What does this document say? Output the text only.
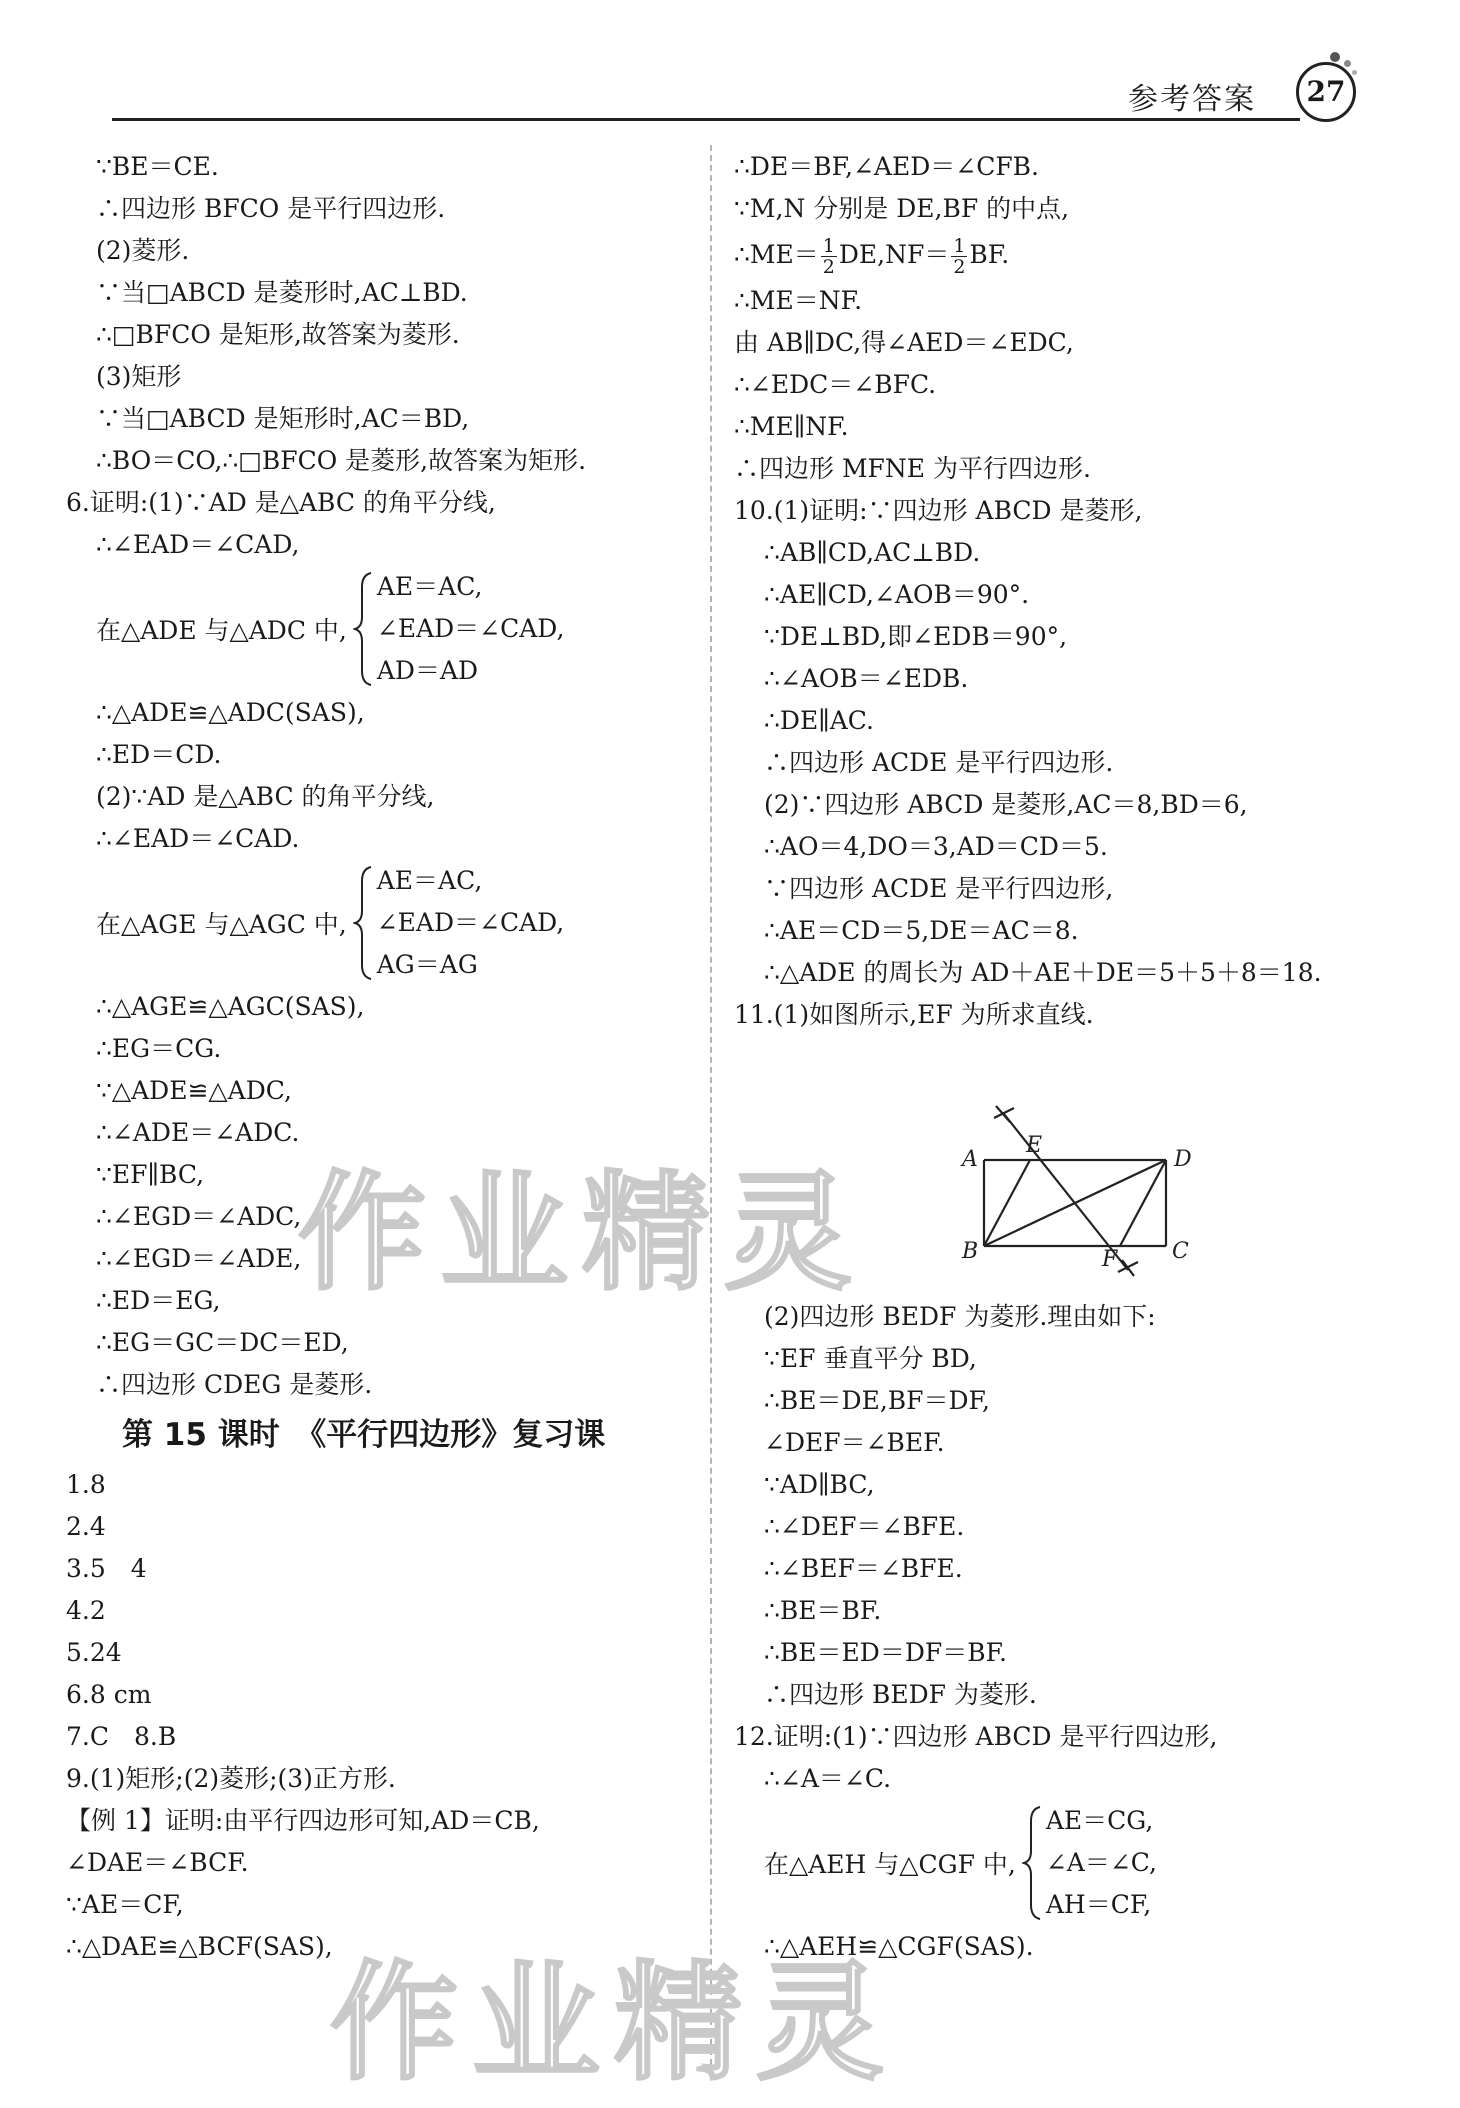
参考答案	27
∵BE＝CE.
∴四边形 BFCO 是平行四边形.
(2)菱形.
∵当□ABCD 是菱形时,AC⊥BD.
∴□BFCO 是矩形,故答案为菱形.
(3)矩形
∵当□ABCD 是矩形时,AC＝BD,
∴BO＝CO,∴□BFCO 是菱形,故答案为矩形.
6.证明:(1)∵AD 是△ABC 的角平分线,
∴∠EAD＝∠CAD,
在△ADE 与△ADC 中,
AE＝AC,
∠EAD＝∠CAD,
AD＝AD
∴△ADE≌△ADC(SAS),
∴ED＝CD.
(2)∵AD 是△ABC 的角平分线,
∴∠EAD＝∠CAD.
在△AGE 与△AGC 中,
AE＝AC,
∠EAD＝∠CAD,
AG＝AG
∴△AGE≌△AGC(SAS),
∴EG＝CG.
∵△ADE≌△ADC,
∴∠ADE＝∠ADC.
∵EF∥BC,
∴∠EGD＝∠ADC,
∴∠EGD＝∠ADE,
∴ED＝EG,
∴EG＝GC＝DC＝ED,
∴四边形 CDEG 是菱形.
第 15 课时　《平行四边形》复习课
1.8
2.4
3.5　4
4.2
5.24
6.8 cm
7.C　8.B
9.(1)矩形;(2)菱形;(3)正方形.
【例 1】证明:由平行四边形可知,AD＝CB,
∠DAE＝∠BCF.
∵AE＝CF,
∴△DAE≌△BCF(SAS),
∴DE＝BF,∠AED＝∠CFB.
∵M,N 分别是 DE,BF 的中点,
∴ME＝ $\frac{1}{2} DE,NF= \frac{1}{2}$ BF.
∴ME＝NF.
由 AB∥DC,得∠AED＝∠EDC,
∴∠EDC＝∠BFC.
∴ME∥NF.
∴四边形 MFNE 为平行四边形.
10.(1)证明:∵四边形 ABCD 是菱形,
∴AB∥CD,AC⊥BD.
∴AE∥CD,∠AOB＝90°.
∵DE⊥BD,即∠EDB＝90°,
∴∠AOB＝∠EDB.
∴DE∥AC.
∴四边形 ACDE 是平行四边形.
(2)∵四边形 ABCD 是菱形,AC＝8,BD＝6,
∴AO＝4,DO＝3,AD＝CD＝5.
∵四边形 ACDE 是平行四边形,
∴AE＝CD＝5,DE＝AC＝8.
∴△ADE 的周长为 AD＋AE＋DE＝5＋5＋8＝18.
11.(1)如图所示,EF 为所求直线.
A
B	C
D
E
F
(2)四边形 BEDF 为菱形.理由如下:
∵EF 垂直平分 BD,
∴BE＝DE,BF＝DF,
∠DEF＝∠BEF.
∵AD∥BC,
∴∠DEF＝∠BFE.
∴∠BEF＝∠BFE.
∴BE＝BF.
∴BE＝ED＝DF＝BF.
∴四边形 BEDF 为菱形.
12.证明:(1)∵四边形 ABCD 是平行四边形,
∴∠A＝∠C.
在△AEH 与△CGF 中,
AE＝CG,
∠A＝∠C,
AH＝CF,
∴△AEH≌△CGF(SAS).
作业精灵
作业精灵
